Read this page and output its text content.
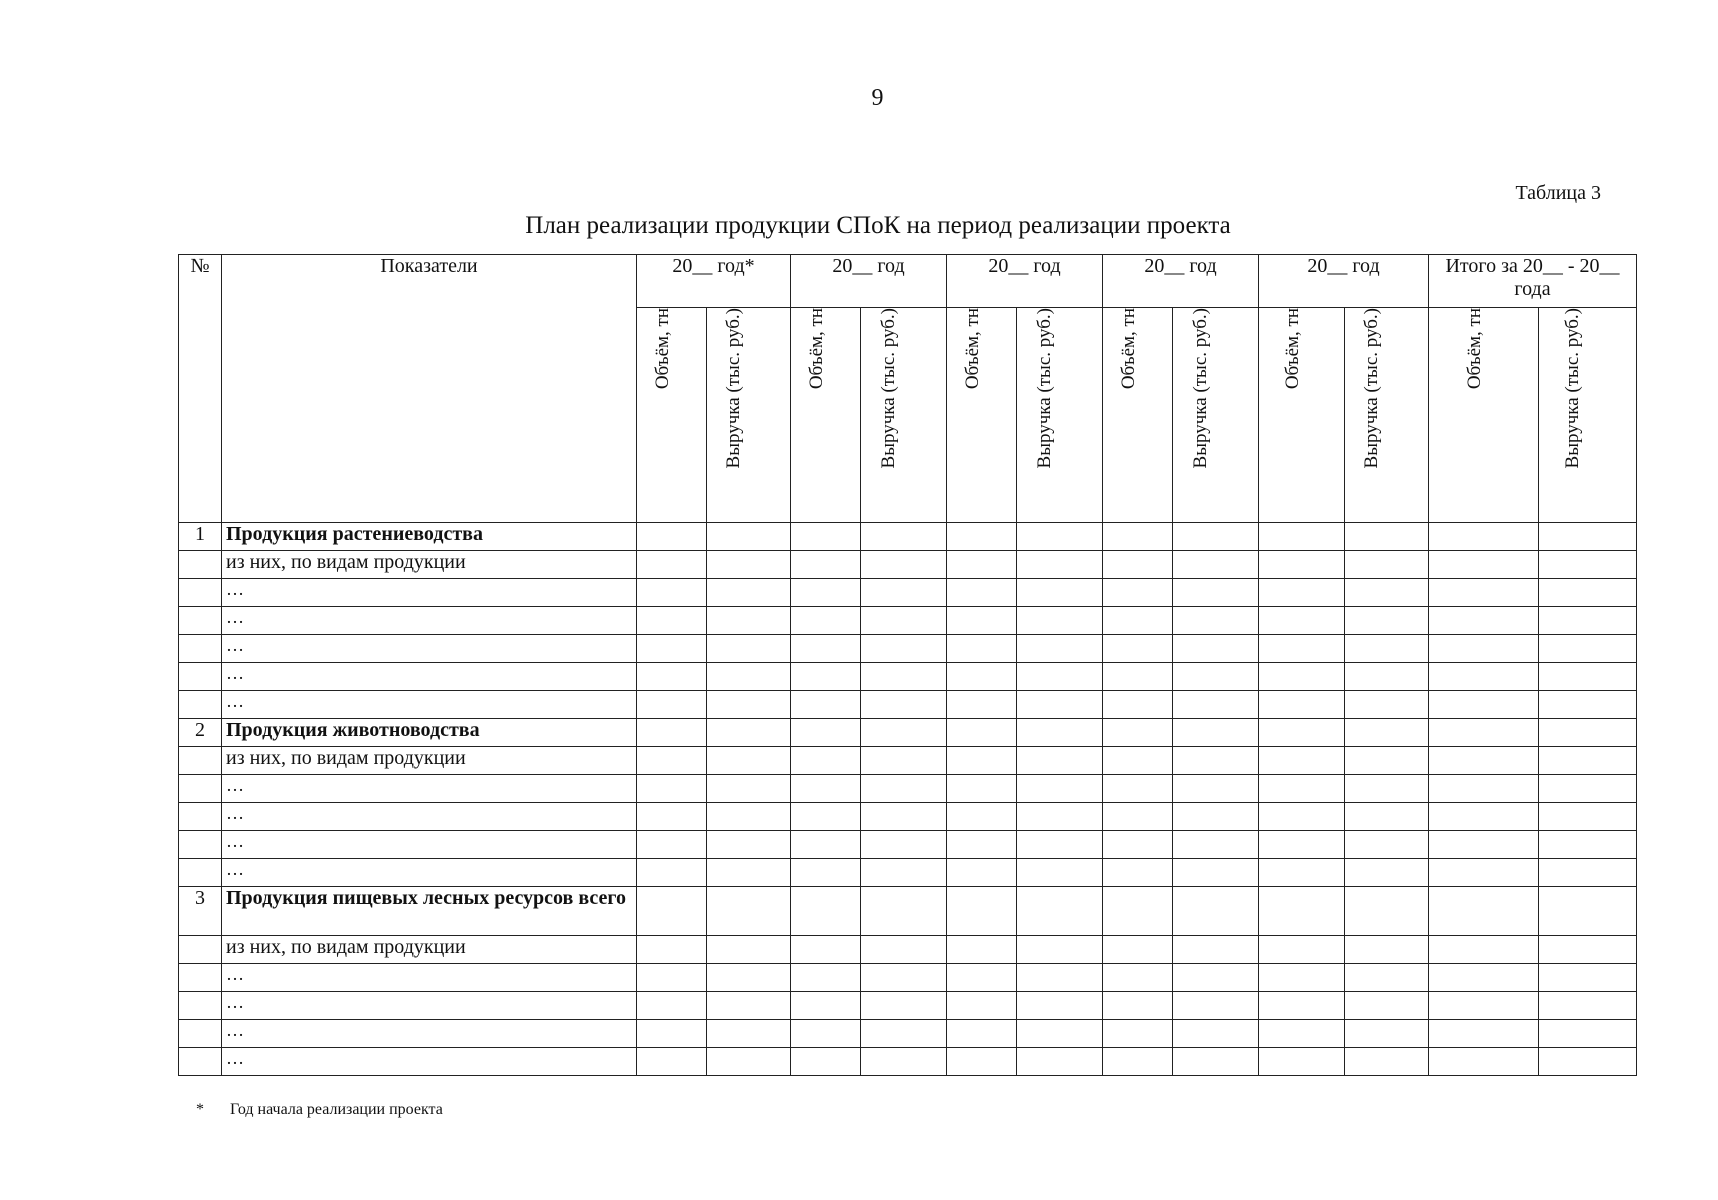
9
Таблица 3
План реализации продукции СПоК на период реализации проекта
№	Показатели	20__ год*		20__ год		20__ год		20__ год		20__ год		Итого за 20__ - 20__ года	

		Объём, тн	Выручка (тыс. руб.)	Объём, тн	Выручка (тыс. руб.)	Объём, тн	Выручка (тыс. руб.)	Объём, тн	Выручка (тыс. руб.)	Объём, тн	Выручка (тыс. руб.)	Объём, тн	Выручка (тыс. руб.)

1	Продукция растениеводства												
	из них, по видам продукции												
	…												
	…												
	…												
	…												
	…												
2	Продукция животноводства												
	из них, по видам продукции												
	…												
	…												
	…												
	…												
3	Продукция пищевых лесных ресурсов всего												
	из них, по видам продукции												
	…												
	…												
	…												
	…												
* Год начала реализации проекта
